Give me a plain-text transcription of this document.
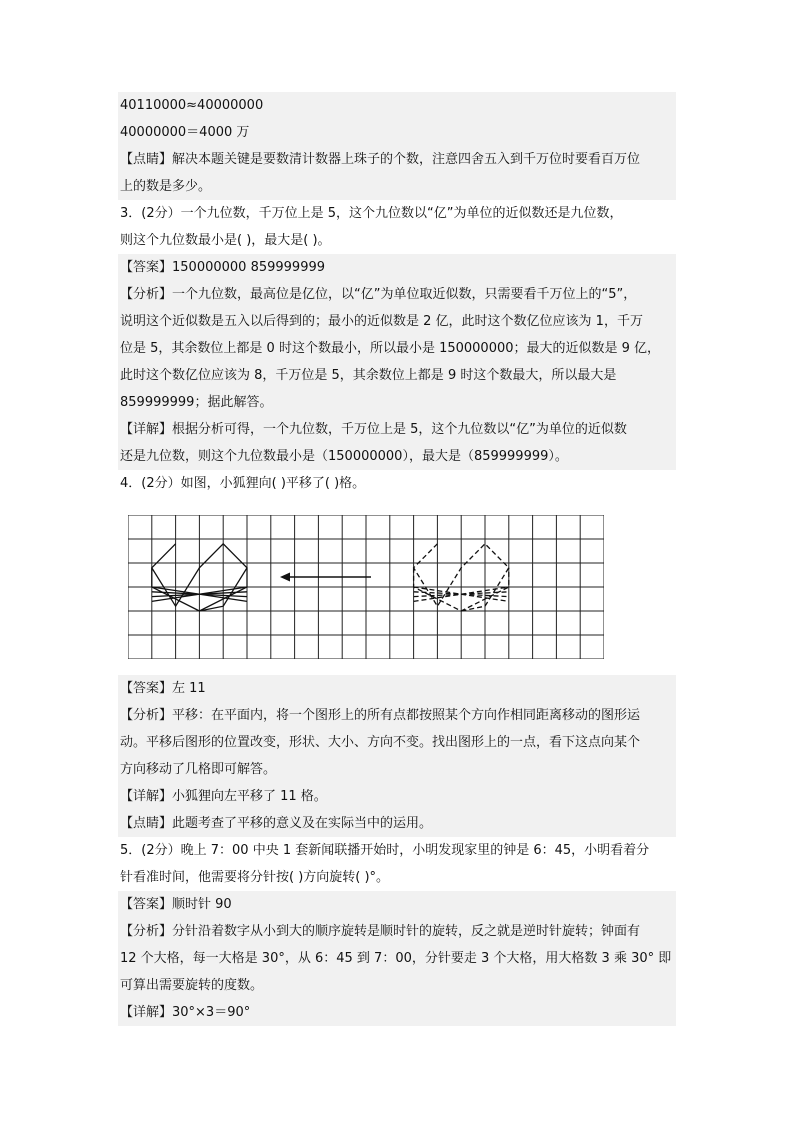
40110000≈40000000
40000000＝4000 万
【点睛】解决本题关键是要数清计数器上珠子的个数，注意四舍五入到千万位时要看百万位
上的数是多少。
3．(2分）一个九位数，千万位上是 5，这个九位数以“亿”为单位的近似数还是九位数，
则这个九位数最小是( )，最大是( )。
【答案】150000000 859999999
【分析】一个九位数，最高位是亿位，以“亿”为单位取近似数，只需要看千万位上的“5”，
说明这个近似数是五入以后得到的；最小的近似数是 2 亿，此时这个数亿位应该为 1，千万
位是 5，其余数位上都是 0 时这个数最小，所以最小是 150000000；最大的近似数是 9 亿，
此时这个数亿位应该为 8，千万位是 5，其余数位上都是 9 时这个数最大，所以最大是
859999999；据此解答。
【详解】根据分析可得，一个九位数，千万位上是 5，这个九位数以“亿”为单位的近似数
还是九位数，则这个九位数最小是（150000000），最大是（859999999）。
4．(2分）如图，小狐狸向( )平移了( )格。
【答案】左 11
【分析】平移：在平面内，将一个图形上的所有点都按照某个方向作相同距离移动的图形运
动。平移后图形的位置改变，形状、大小、方向不变。找出图形上的一点，看下这点向某个
方向移动了几格即可解答。
【详解】小狐狸向左平移了 11 格。
【点睛】此题考查了平移的意义及在实际当中的运用。
5．(2分）晚上 7：00 中央 1 套新闻联播开始时，小明发现家里的钟是 6：45，小明看着分
针看准时间，他需要将分针按( )方向旋转( )°。
【答案】顺时针 90
【分析】分针沿着数字从小到大的顺序旋转是顺时针的旋转，反之就是逆时针旋转；钟面有
12 个大格，每一大格是 30°，从 6：45 到 7：00，分针要走 3 个大格，用大格数 3 乘 30° 即
可算出需要旋转的度数。
【详解】30°×3＝90°
